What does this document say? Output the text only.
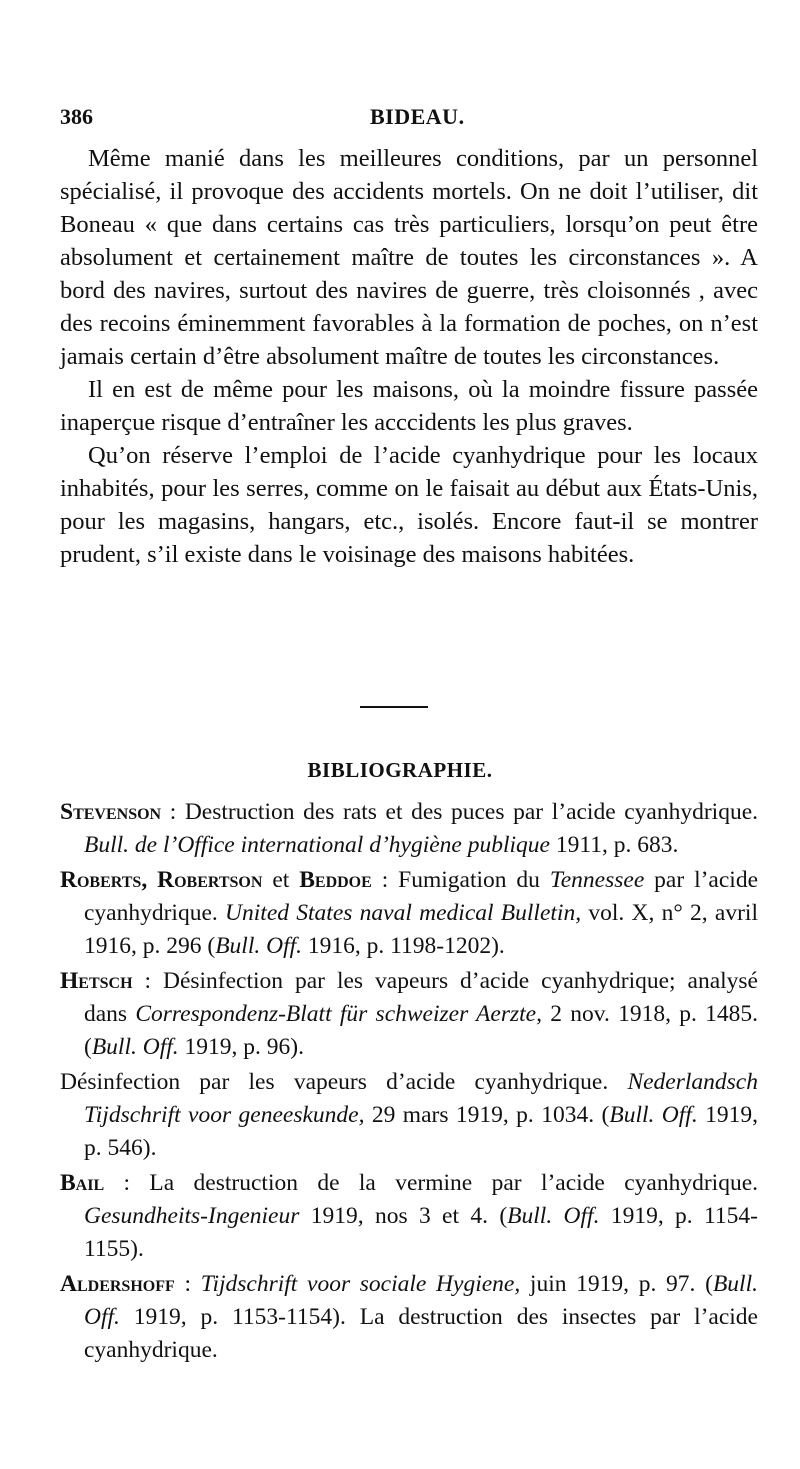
386	BIDEAU.

Même manié dans les meilleures conditions, par un personnel spécialisé, il provoque des accidents mortels. On ne doit l’utiliser, dit Boneau « que dans certains cas très particuliers, lorsqu’on peut être absolument et certainement maître de toutes les circonstances ». A bord des navires, surtout des navires de guerre, très cloisonnés , avec des recoins éminemment favorables à la formation de poches, on n’est jamais certain d’être absolument maître de toutes les circonstances.

Il en est de même pour les maisons, où la moindre fissure passée inaperçue risque d’entraîner les acccidents les plus graves.

Qu’on réserve l’emploi de l’acide cyanhydrique pour les locaux inhabités, pour les serres, comme on le faisait au début aux États-Unis, pour les magasins, hangars, etc., isolés. Encore faut-il se montrer prudent, s’il existe dans le voisinage des maisons habitées.

BIBLIOGRAPHIE.

Stevenson : Destruction des rats et des puces par l’acide cyanhydrique. Bull. de l’Office international d’hygiène publique 1911, p. 683.

Roberts, Robertson et Beddoe : Fumigation du Tennessee par l’acide cyanhydrique. United States naval medical Bulletin, vol. X, n° 2, avril 1916, p. 296 (Bull. Off. 1916, p. 1198-1202).

Hetsch : Désinfection par les vapeurs d’acide cyanhydrique; analysé dans Correspondenz-Blatt für schweizer Aerzte, 2 nov. 1918, p. 1485. (Bull. Off. 1919, p. 96).

Désinfection par les vapeurs d’acide cyanhydrique. Nederlandsch Tijdschrift voor geneeskunde, 29 mars 1919, p. 1034. (Bull. Off. 1919, p. 546).

Bail : La destruction de la vermine par l’acide cyanhydrique. Gesundheits-Ingenieur 1919, nos 3 et 4. (Bull. Off. 1919, p. 1154-1155).

Aldershoff : Tijdschrift voor sociale Hygiene, juin 1919, p. 97. (Bull. Off. 1919, p. 1153-1154). La destruction des insectes par l’acide cyanhydrique.
